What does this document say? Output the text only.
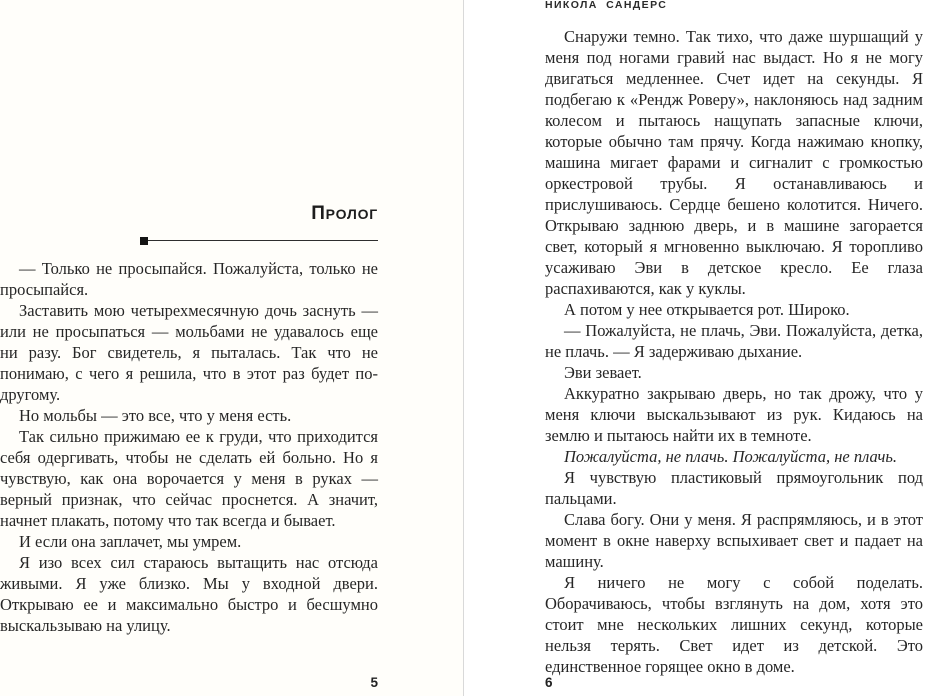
ПРОЛОГ

— Только не просыпайся. Пожалуйста, только не просыпайся.

Заставить мою четырехмесячную дочь заснуть — или не просыпаться — мольбами не удавалось еще ни разу. Бог свидетель, я пыталась. Так что не понимаю, с чего я решила, что в этот раз будет по-другому.

Но мольбы — это все, что у меня есть.

Так сильно прижимаю ее к груди, что приходится себя одергивать, чтобы не сделать ей больно. Но я чувствую, как она ворочается у меня в руках — верный признак, что сейчас проснется. А значит, начнет плакать, потому что так всегда и бывает.

И если она заплачет, мы умрем.

Я изо всех сил стараюсь вытащить нас отсюда живыми. Я уже близко. Мы у входной двери. Открываю ее и максимально быстро и бесшумно выскальзываю на улицу.

5
НИКОЛА САНДЕРС

Снаружи темно. Так тихо, что даже шуршащий у меня под ногами гравий нас выдаст. Но я не могу двигаться медленнее. Счет идет на секунды. Я подбегаю к «Рендж Роверу», наклоняюсь над задним колесом и пытаюсь нащупать запасные ключи, которые обычно там прячу. Когда нажимаю кнопку, машина мигает фарами и сигналит с громкостью оркестровой трубы. Я останавливаюсь и прислушиваюсь. Сердце бешено колотится. Ничего. Открываю заднюю дверь, и в машине загорается свет, который я мгновенно выключаю. Я торопливо усаживаю Эви в детское кресло. Ее глаза распахиваются, как у куклы.

А потом у нее открывается рот. Широко.

— Пожалуйста, не плачь, Эви. Пожалуйста, детка, не плачь. — Я задерживаю дыхание.

Эви зевает.

Аккуратно закрываю дверь, но так дрожу, что у меня ключи выскальзывают из рук. Кидаюсь на землю и пытаюсь найти их в темноте.

Пожалуйста, не плачь. Пожалуйста, не плачь.

Я чувствую пластиковый прямоугольник под пальцами.

Слава богу. Они у меня. Я распрямляюсь, и в этот момент в окне наверху вспыхивает свет и падает на машину.

Я ничего не могу с собой поделать. Оборачиваюсь, чтобы взглянуть на дом, хотя это стоит мне нескольких лишних секунд, которые нельзя терять. Свет идет из детской. Это единственное горящее окно в доме.

6
